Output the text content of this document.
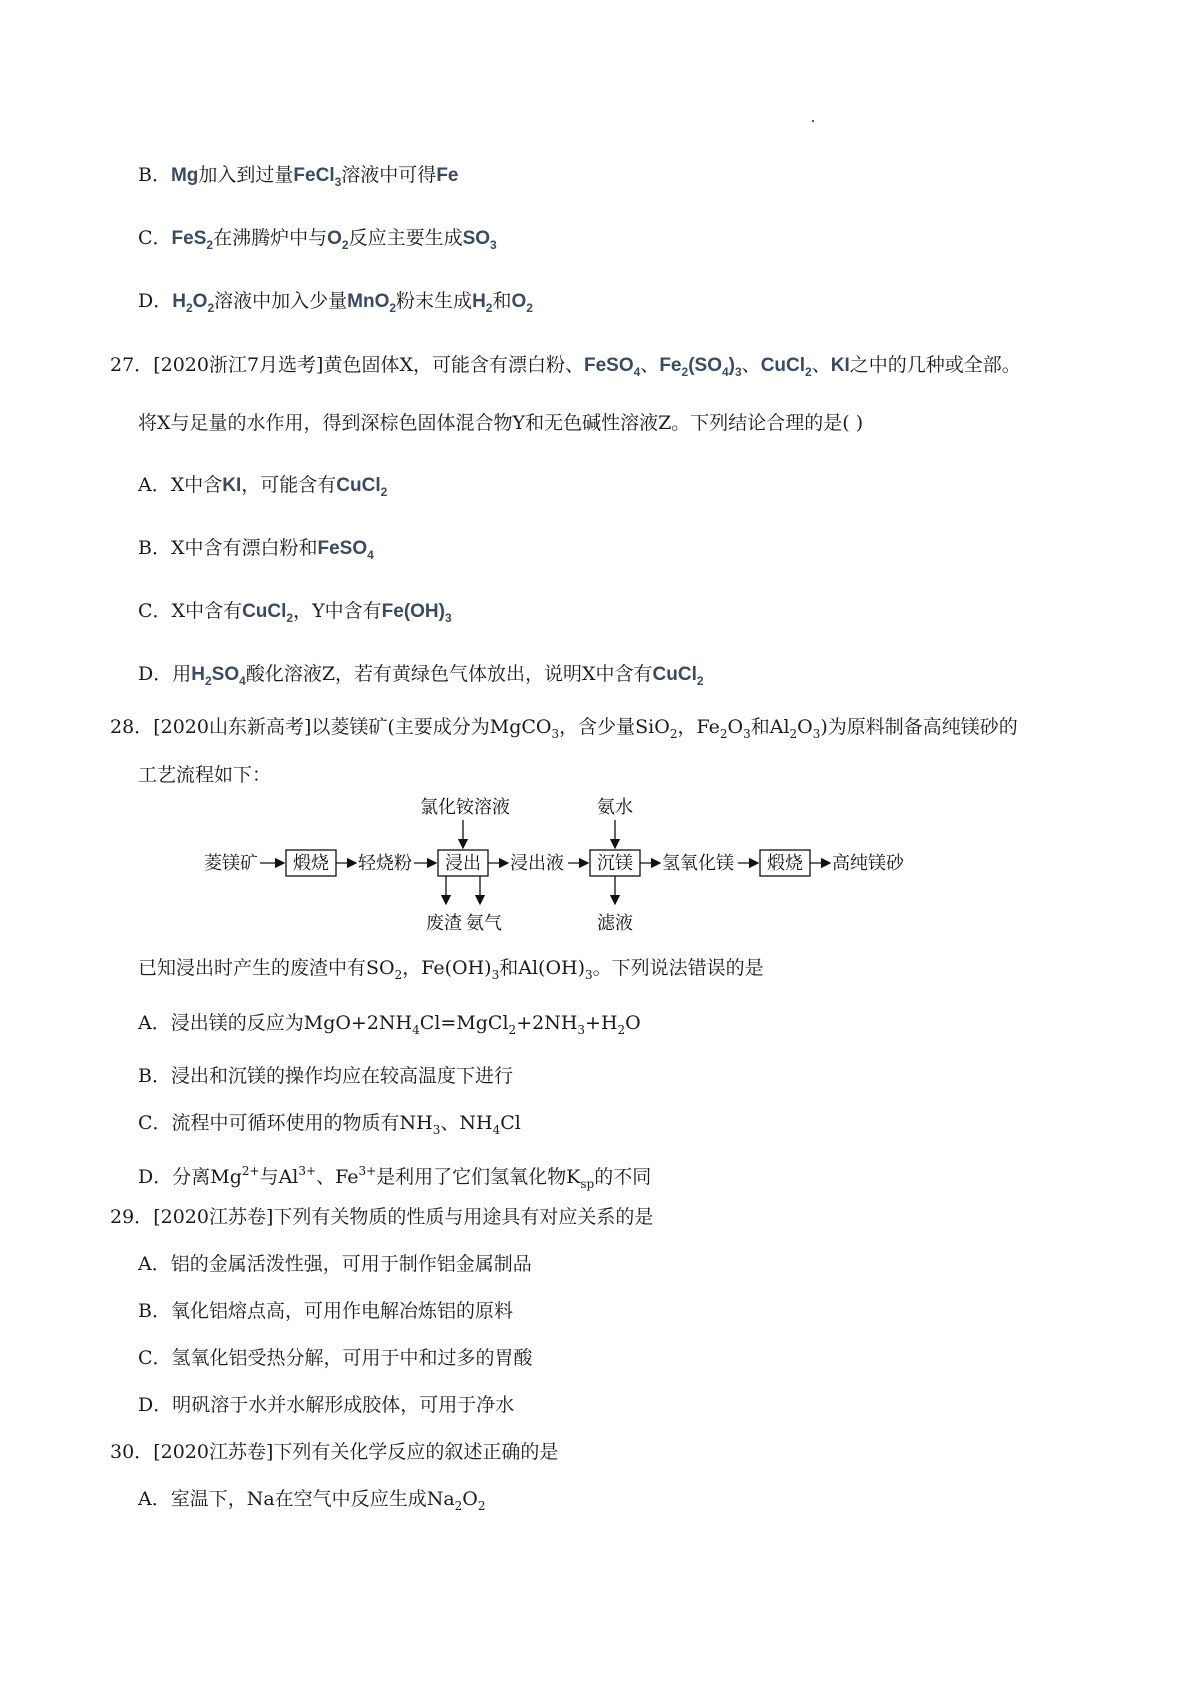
B．Mg加入到过量FeCl$_3$溶液中可得Fe
C．FeS$_2$在沸腾炉中与$O_2$反应主要生成$SO_3$
D．$H_2O_2$溶液中加入少量MnO$_2$粉末生成$H_2$和$O_2$
27．[2020浙江7月选考]黄色固体X，可能含有漂白粉、FeSO$_4$、$Fe_2(SO_4)_3$、CuCl$_2$、KI之中的几种或全部。
将X与足量的水作用，得到深棕色固体混合物Y和无色碱性溶液Z。下列结论合理的是( )
A．X中含KI，可能含有CuCl$_2$
B．X中含有漂白粉和FeSO$_4$
C．X中含有CuCl$_2$，Y中含有$Fe(OH)_3$
D．用$H_2SO_4$酸化溶液Z，若有黄绿色气体放出，说明X中含有CuCl$_2$
28．[2020山东新高考]以菱镁矿(主要成分为MgCO$_3$，含少量SiO$_2$，$Fe_2O_3$和$Al_2O_3$)为原料制备高纯镁砂的
工艺流程如下：
菱镁矿 煅烧 轻烧粉 浸出
氯化铵溶液
废渣 氨气
浸出液 沉镁
氨水
滤液
氢氧化镁 煅烧 高纯镁砂
已知浸出时产生的废渣中有$SO_2$，$Fe(OH)_3$和$Al(OH)_3$。下列说法错误的是
A．浸出镁的反应为$MgO+2NH_4Cl=MgCl_2+2NH_3+H_2O$
B．浸出和沉镁的操作均应在较高温度下进行
C．流程中可循环使用的物质有$NH_3$、$NH_4Cl$
D．分离$Mg^{2+}$与$Al^{3+}$、$Fe^{3+}$是利用了它们氢氧化物$K_{sp}$的不同
29．[2020江苏卷]下列有关物质的性质与用途具有对应关系的是
A．铝的金属活泼性强，可用于制作铝金属制品
B．氧化铝熔点高，可用作电解冶炼铝的原料
C．氢氧化铝受热分解，可用于中和过多的胃酸
D．明矾溶于水并水解形成胶体，可用于净水
30．[2020江苏卷]下列有关化学反应的叙述正确的是
A．室温下，Na在空气中反应生成$Na_2O_2$
